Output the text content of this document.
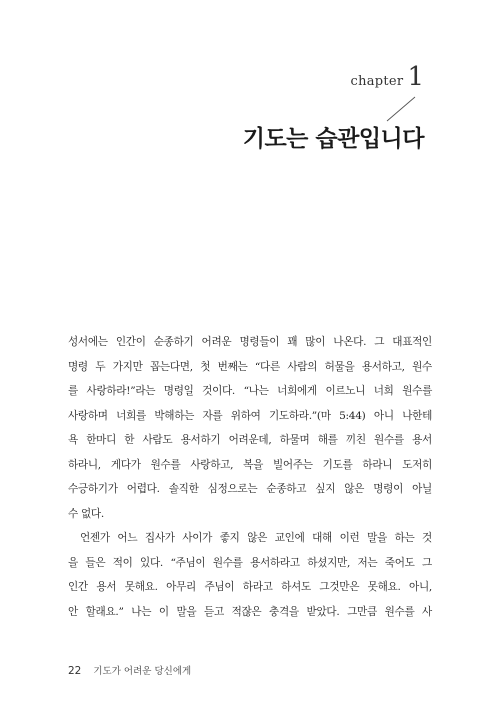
chapter 1
기도는 습관입니다

성서에는 인간이 순종하기 어려운 명령들이 꽤 많이 나온다. 그 대표적인

명령 두 가지만 꼽는다면, 첫 번째는 “다른 사람의 허물을 용서하고, 원수

를 사랑하라!”라는 명령일 것이다. “나는 너희에게 이르노니 너희 원수를

사랑하며 너희를 박해하는 자를 위하여 기도하라.”(마 5:44) 아니 나한테

욕 한마디 한 사람도 용서하기 어려운데, 하물며 해를 끼친 원수를 용서

하라니, 게다가 원수를 사랑하고, 복을 빌어주는 기도를 하라니 도저히

수긍하기가 어렵다. 솔직한 심정으로는 순종하고 싶지 않은 명령이 아닐

수 없다.

언젠가 어느 집사가 사이가 좋지 않은 교인에 대해 이런 말을 하는 것

을 들은 적이 있다. “주님이 원수를 용서하라고 하셨지만, 저는 죽어도 그

인간 용서 못해요. 아무리 주님이 하라고 하셔도 그것만은 못해요. 아니,

안 할래요.” 나는 이 말을 듣고 적잖은 충격을 받았다. 그만큼 원수를 사

22 기도가 어려운 당신에게
